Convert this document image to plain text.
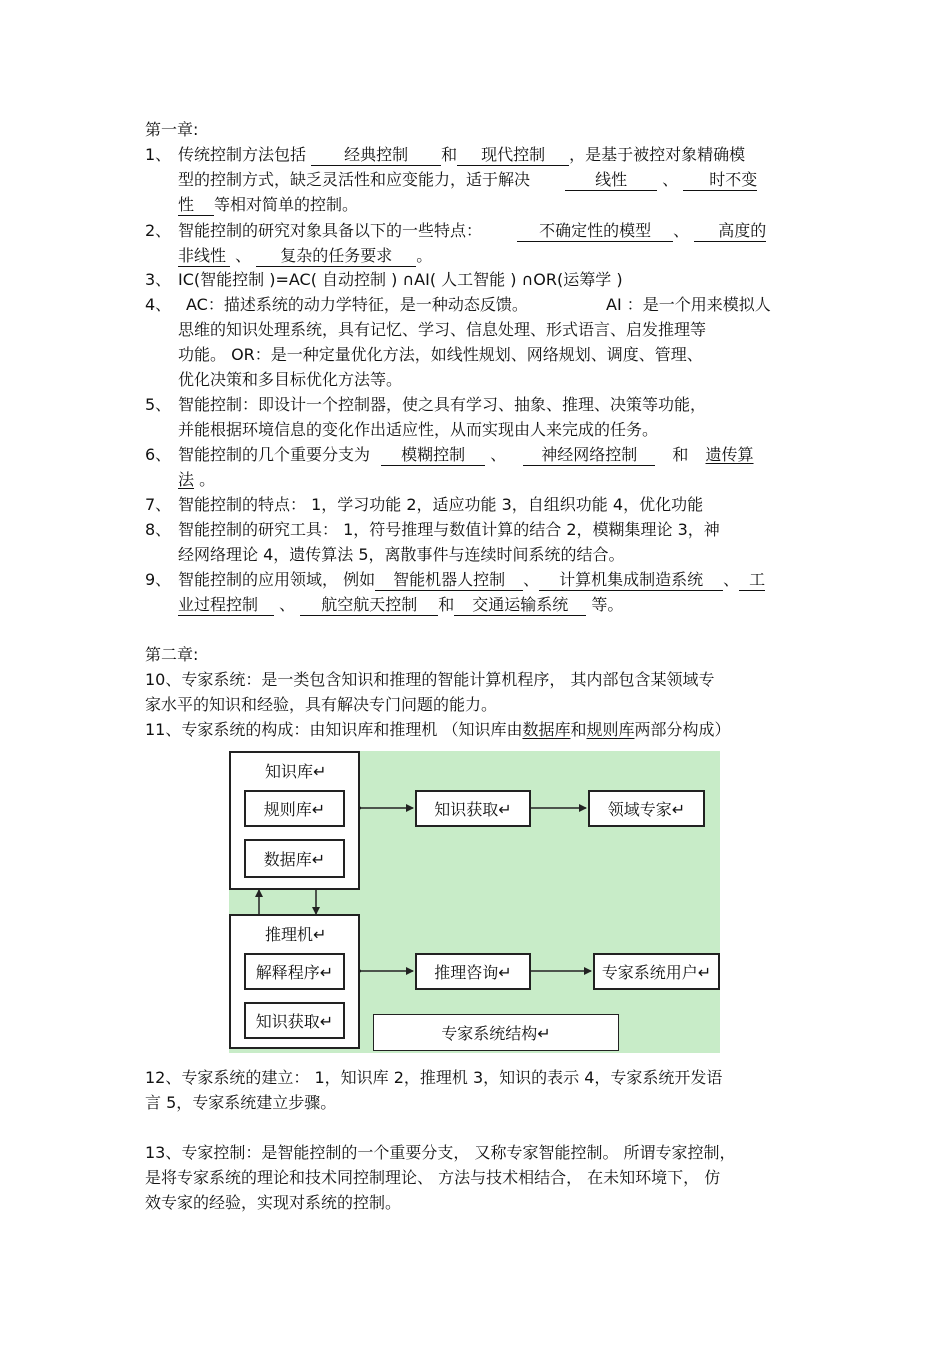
第一章:
1、 传统控制方法包括 经典控制 和 现代控制 ，是基于被控对象精确模
型的控制方式，缺乏灵活性和应变能力，适于解决	线性 、 时不变
性 等相对简单的控制。
2、 智能控制的研究对象具备以下的一些特点：	不确定性的模型 、 高度的
非线性 、 复杂的任务要求 。
3、 IC(智能控制 )=AC( 自动控制 ) ∩AI( 人工智能 ) ∩OR(运筹学 )
4、 AC：描述系统的动力学特征，是一种动态反馈。	AI ：是一个用来模拟人
思维的知识处理系统，具有记忆、学习、信息处理、形式语言、启发推理等
功能。 OR：是一种定量优化方法，如线性规划、网络规划、调度、管理、
优化决策和多目标优化方法等。
5、 智能控制：即设计一个控制器，使之具有学习、抽象、推理、决策等功能，
并能根据环境信息的变化作出适应性，从而实现由人来完成的任务。
6、 智能控制的几个重要分支为 模糊控制 、 神经网络控制 和 遗传算
法 。
7、 智能控制的特点： 1，学习功能 2，适应功能 3，自组织功能 4，优化功能
8、 智能控制的研究工具： 1，符号推理与数值计算的结合 2，模糊集理论 3，神
经网络理论 4，遗传算法 5，离散事件与连续时间系统的结合。
9、 智能控制的应用领域， 例如 智能机器人控制 、 计算机集成制造系统 、 工
业过程控制 、 航空航天控制 和 交通运输系统 等。
第二章:
10、专家系统：是一类包含知识和推理的智能计算机程序， 其内部包含某领域专
家水平的知识和经验，具有解决专门问题的能力。
11、专家系统的构成：由知识库和推理机 （知识库由数据库和规则库两部分构成）
知识库↵
规则库↵
数据库↵
知识获取↵	领域专家↵
推理机↵
解释程序↵
知识获取↵
推理咨询↵	专家系统用户↵
专家系统结构↵
12、专家系统的建立： 1，知识库 2，推理机 3，知识的表示 4，专家系统开发语
言 5，专家系统建立步骤。
13、专家控制：是智能控制的一个重要分支， 又称专家智能控制。 所谓专家控制，
是将专家系统的理论和技术同控制理论、 方法与技术相结合， 在未知环境下， 仿
效专家的经验，实现对系统的控制。
